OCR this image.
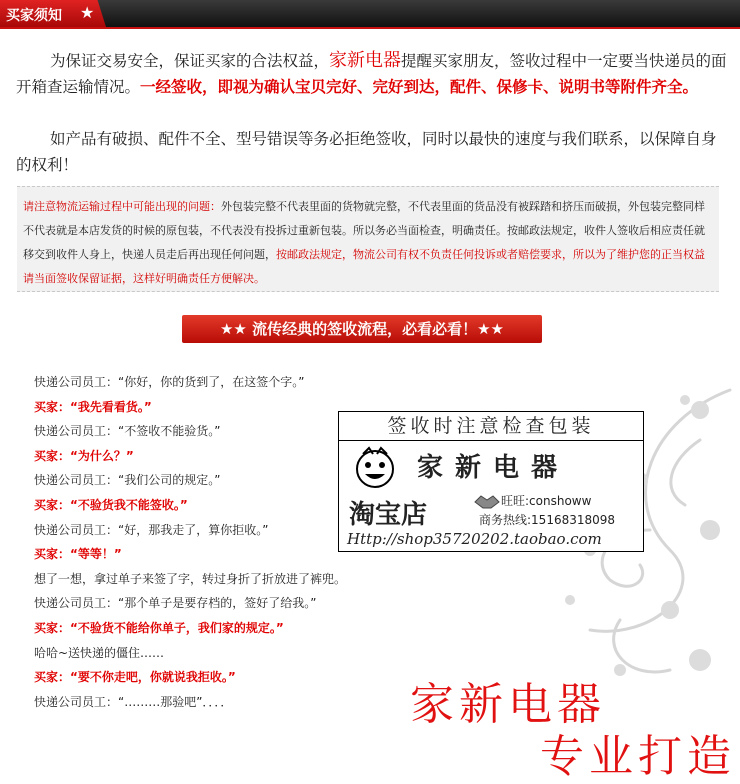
买家须知 ★
为保证交易安全，保证买家的合法权益，家新电器提醒买家朋友，签收过程中一定要当快递员的面开箱查运输情况。一经签收，即视为确认宝贝完好、完好到达，配件、保修卡、说明书等附件齐全。
如产品有破损、配件不全、型号错误等务必拒绝签收，同时以最快的速度与我们联系，以保障自身的权利！
请注意物流运输过程中可能出现的问题：外包装完整不代表里面的货物就完整，不代表里面的货品没有被踩踏和挤压而破损，外包装完整同样不代表就是本店发货的时候的原包装，不代表没有投拆过重新包装。所以务必当面检查，明确责任。按邮政法规定，收件人签收后相应责任就移交到收件人身上，快递人员走后再出现任何问题，按邮政法规定，物流公司有权不负责任何投诉或者赔偿要求，所以为了维护您的正当权益请当面签收保留证据，这样好明确责任方便解决。
★★ 流传经典的签收流程，必看必看！★★
快递公司员工：“你好，你的货到了，在这签个字。”
买家：“我先看看货。”
快递公司员工：“不签收不能验货。”
买家：“为什么？”
快递公司员工：“我们公司的规定。”
买家：“不验货我不能签收。”
快递公司员工：“好，那我走了，算你拒收。”
买家：“等等！”
想了一想，拿过单子来签了字，转过身折了折放进了裤兜。
快递公司员工：“那个单子是要存档的，签好了给我。”
买家：“不验货不能给你单子，我们家的规定。”
哈哈~送快递的僵住……
买家：“要不你走吧，你就说我拒收。”
快递公司员工：“………那验吧”．．．．
签收时注意检查包装
家新电器
淘宝店	旺旺:conshoww
商务热线:15168318098
Http://shop35720202.taobao.com
家新电器
专业打造
